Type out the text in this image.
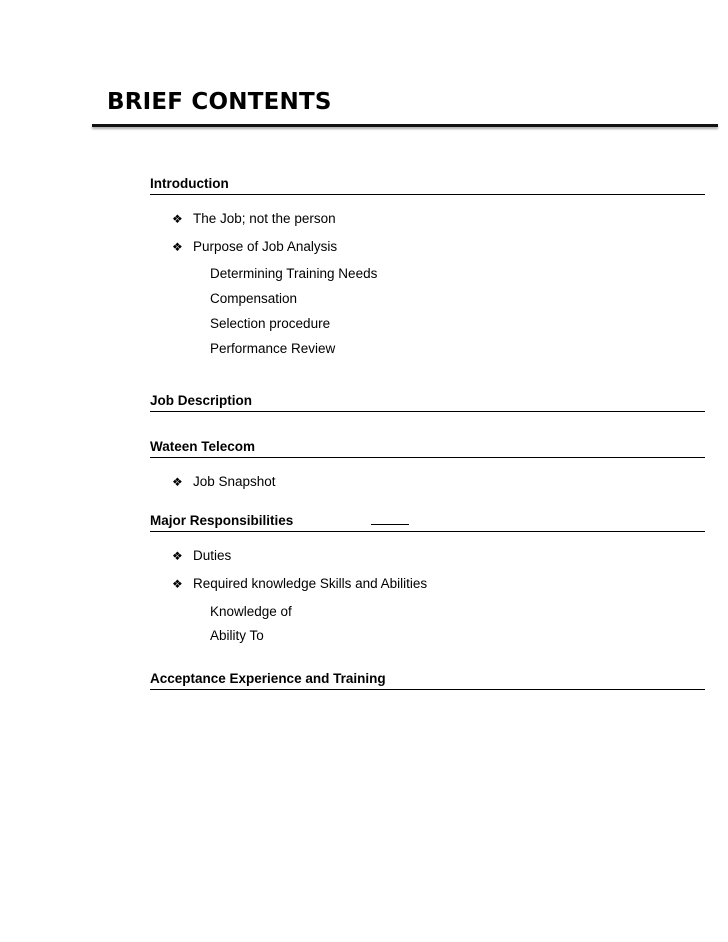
BRIEF CONTENTS
Introduction
❖ The Job; not the person
❖ Purpose of Job Analysis
Determining Training Needs
Compensation
Selection procedure
Performance Review
Job Description
Wateen Telecom
❖ Job Snapshot
Major Responsibilities
❖ Duties
❖ Required knowledge Skills and Abilities
Knowledge of
Ability To
Acceptance Experience and Training
